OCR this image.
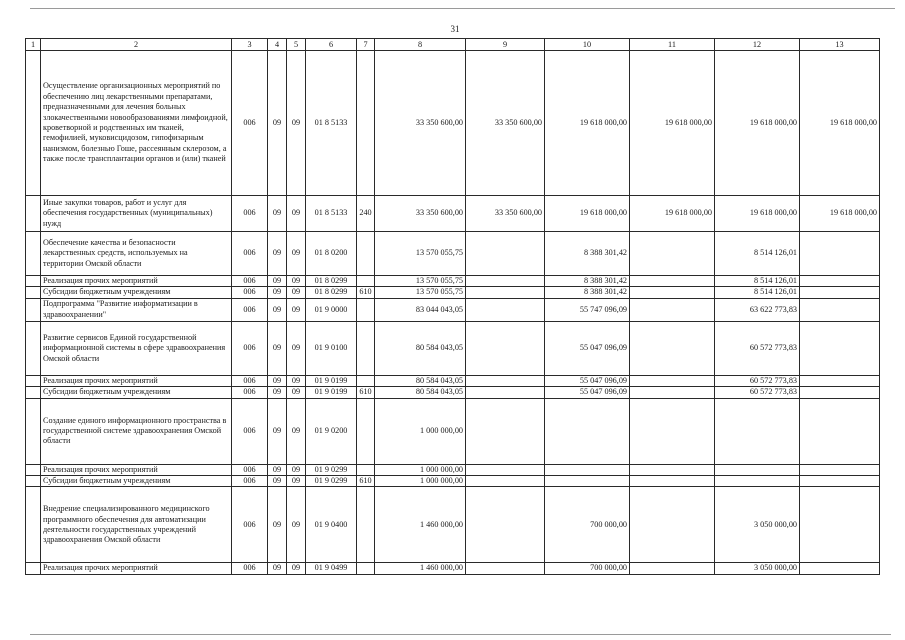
31
1	2	3	4	5	6	7	8	9	10	11	12	13
	Осуществление организационных мероприятий по обеспечению лиц лекарственными препаратами, предназначенными для лечения больных злокачественными новообразованиями лимфоидной, кроветворной и родственных им тканей, гемофилией, муковисцидозом, гипофизарным нанизмом, болезнью Гоше, рассеянным склерозом, а также после трансплантации органов и (или) тканей	006	09	09	01 8 5133		33 350 600,00	33 350 600,00	19 618 000,00	19 618 000,00	19 618 000,00	19 618 000,00
	Иные закупки товаров, работ и услуг для обеспечения государственных (муниципальных) нужд	006	09	09	01 8 5133	240	33 350 600,00	33 350 600,00	19 618 000,00	19 618 000,00	19 618 000,00	19 618 000,00
	Обеспечение качества и безопасности лекарственных средств, используемых на территории Омской области	006	09	09	01 8 0200		13 570 055,75		8 388 301,42		8 514 126,01	
	Реализация прочих мероприятий	006	09	09	01 8 0299		13 570 055,75		8 388 301,42		8 514 126,01	
	Субсидии бюджетным учреждениям	006	09	09	01 8 0299	610	13 570 055,75		8 388 301,42		8 514 126,01	
	Подпрограмма "Развитие информатизации в здравоохранении"	006	09	09	01 9 0000		83 044 043,05		55 747 096,09		63 622 773,83	
	Развитие сервисов Единой государственной информационной системы в сфере здравоохранения Омской области	006	09	09	01 9 0100		80 584 043,05		55 047 096,09		60 572 773,83	
	Реализация прочих мероприятий	006	09	09	01 9 0199		80 584 043,05		55 047 096,09		60 572 773,83	
	Субсидии бюджетным учреждениям	006	09	09	01 9 0199	610	80 584 043,05		55 047 096,09		60 572 773,83	
	Создание единого информационного пространства в государственной системе здравоохранения Омской области	006	09	09	01 9 0200		1 000 000,00					
	Реализация прочих мероприятий	006	09	09	01 9 0299		1 000 000,00					
	Субсидии бюджетным учреждениям	006	09	09	01 9 0299	610	1 000 000,00					
	Внедрение специализированного медицинского программного обеспечения для автоматизации деятельности государственных учреждений здравоохранения Омской области	006	09	09	01 9 0400		1 460 000,00		700 000,00		3 050 000,00	
	Реализация прочих мероприятий	006	09	09	01 9 0499		1 460 000,00		700 000,00		3 050 000,00	
